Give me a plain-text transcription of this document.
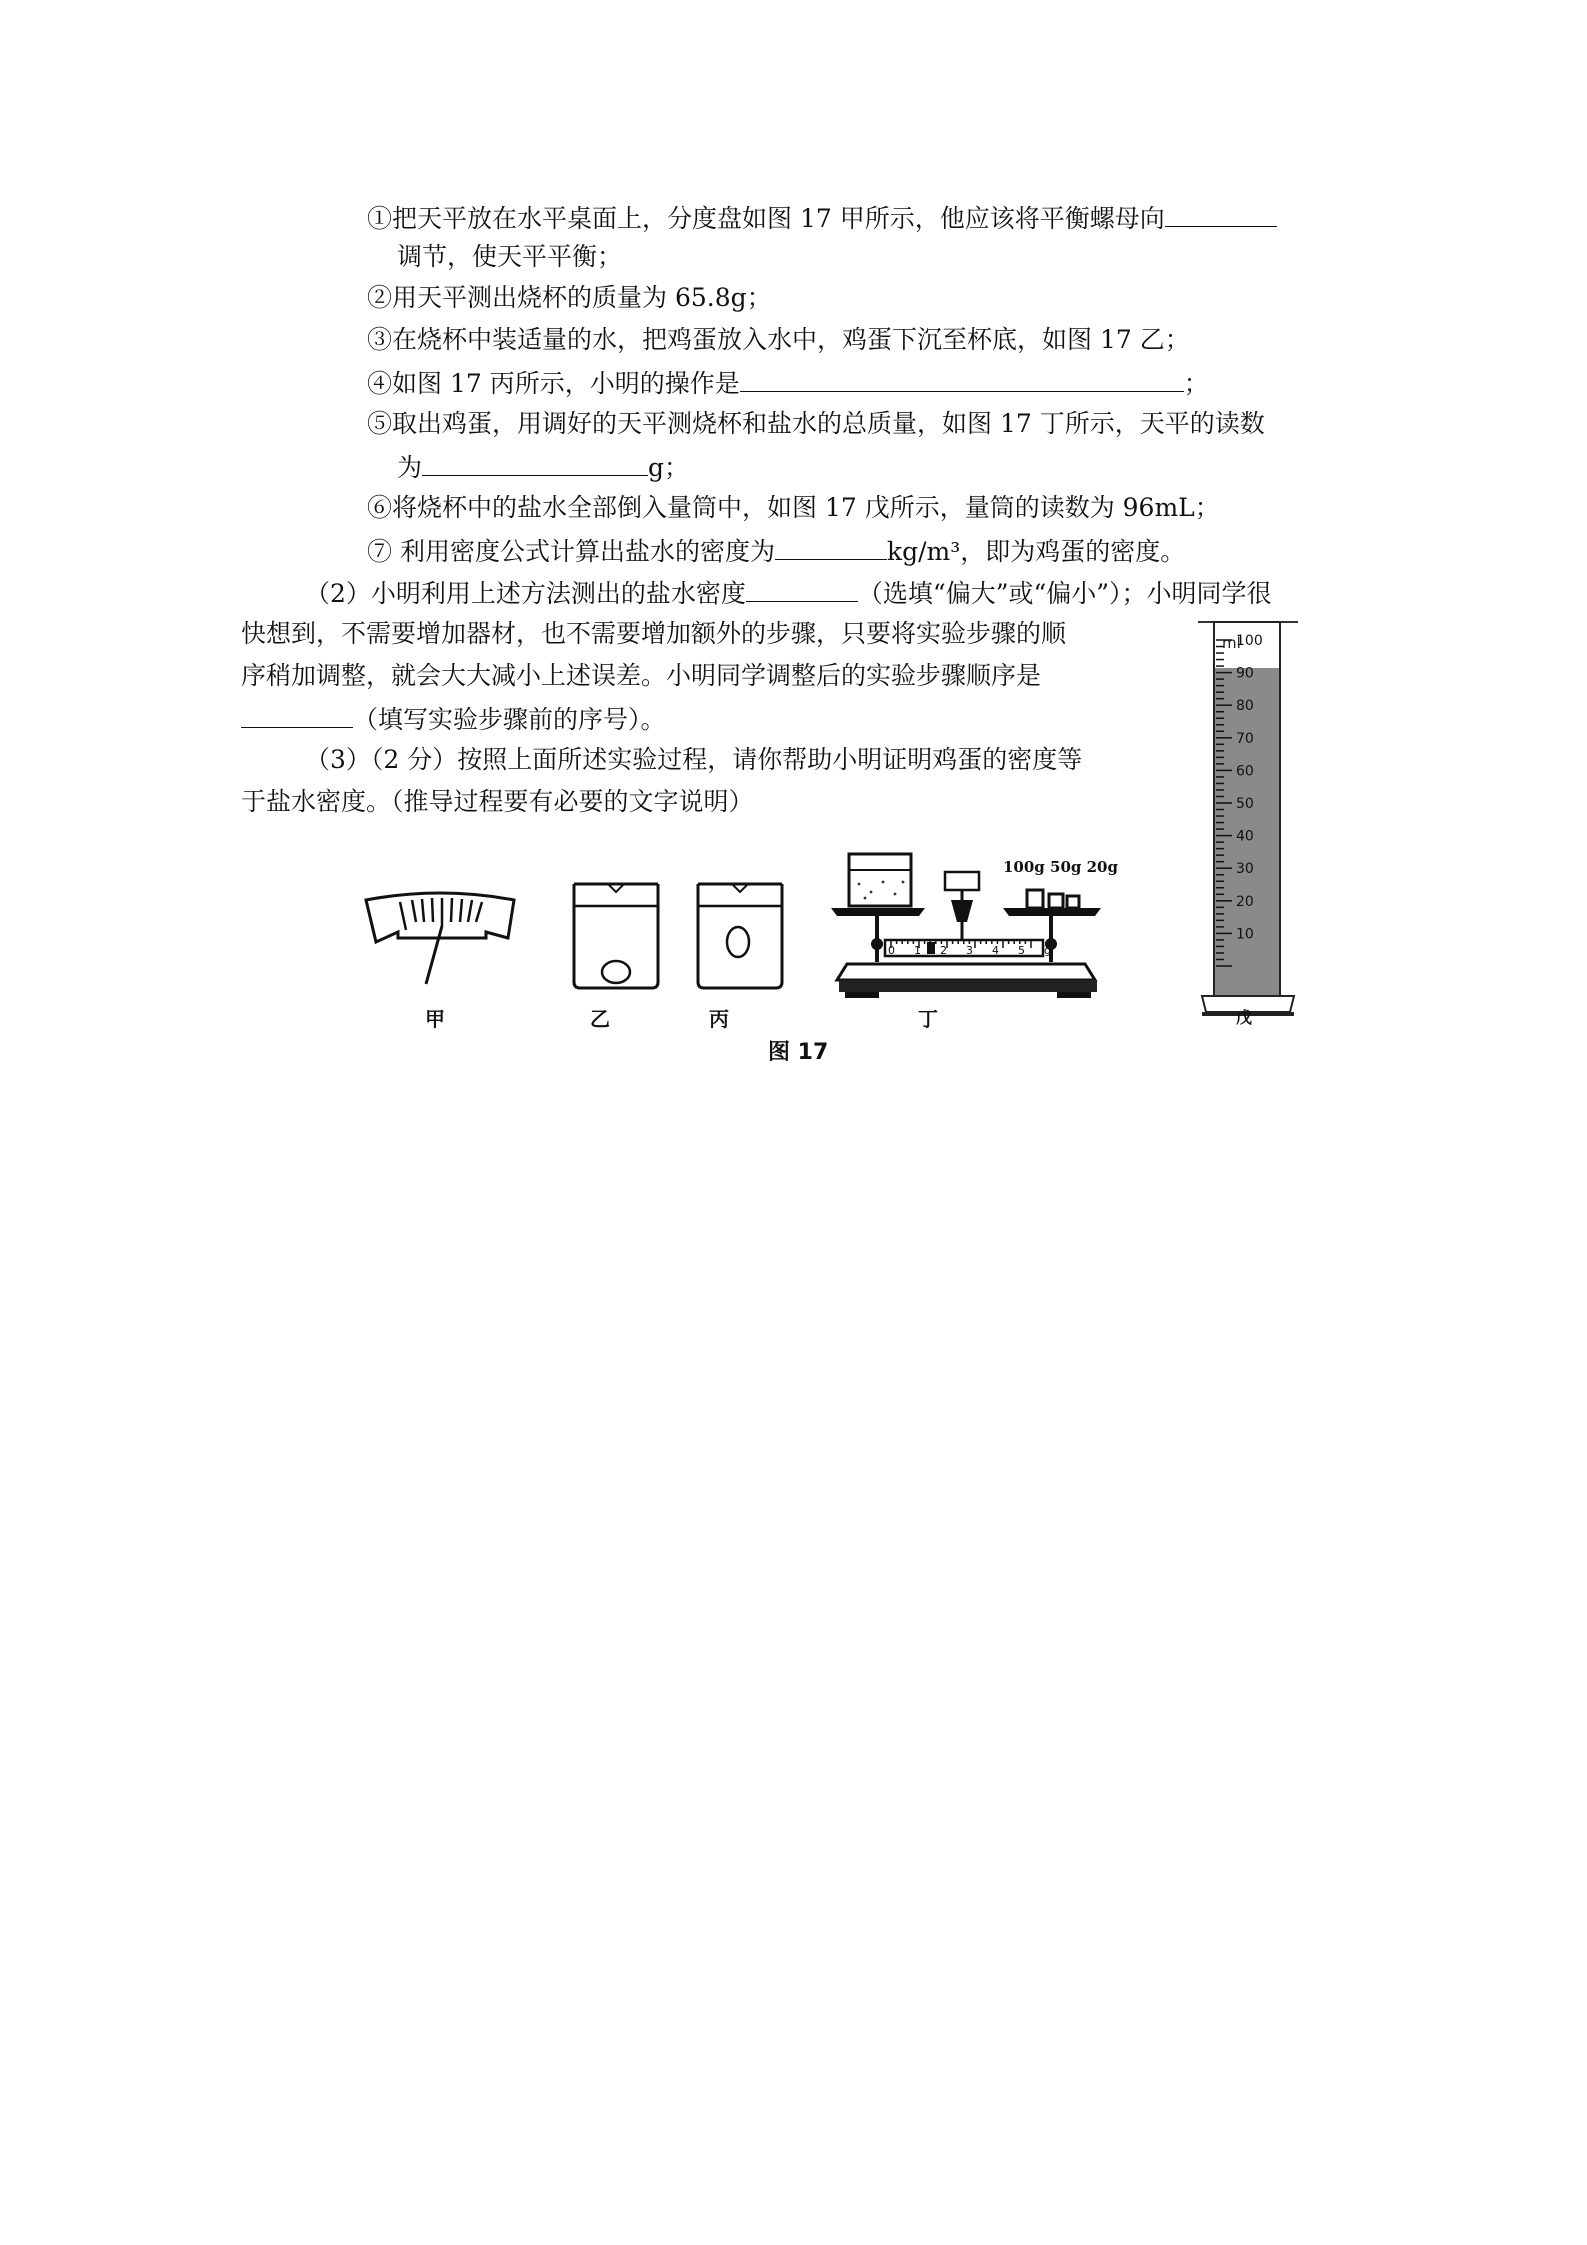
①把天平放在水平桌面上，分度盘如图 17 甲所示，他应该将平衡螺母向
调节，使天平平衡；
②用天平测出烧杯的质量为 65.8g；
③在烧杯中装适量的水，把鸡蛋放入水中，鸡蛋下沉至杯底，如图 17 乙；
④如图 17 丙所示，小明的操作是	；
⑤取出鸡蛋，用调好的天平测烧杯和盐水的总质量，如图 17 丁所示，天平的读数
为	g；
⑥将烧杯中的盐水全部倒入量筒中，如图 17 戊所示，量筒的读数为 96mL；
⑦ 利用密度公式计算出盐水的密度为	kg/m³，即为鸡蛋的密度。
（2）小明利用上述方法测出的盐水密度	（选填“偏大”或“偏小”）；小明同学很
快想到，不需要增加器材，也不需要增加额外的步骤，只要将实验步骤的顺
序稍加调整，就会大大减小上述误差。小明同学调整后的实验步骤顺序是
（填写实验步骤前的序号）。
（3）（2 分）按照上面所述实验过程，请你帮助小明证明鸡蛋的密度等
于盐水密度。（推导过程要有必要的文字说明）
100g 50g 20g
0 1 2 3 4 5 g
ml
100
90
80
70
60
50
40
30
20
10
甲	乙	丙	丁	戊
图 17
